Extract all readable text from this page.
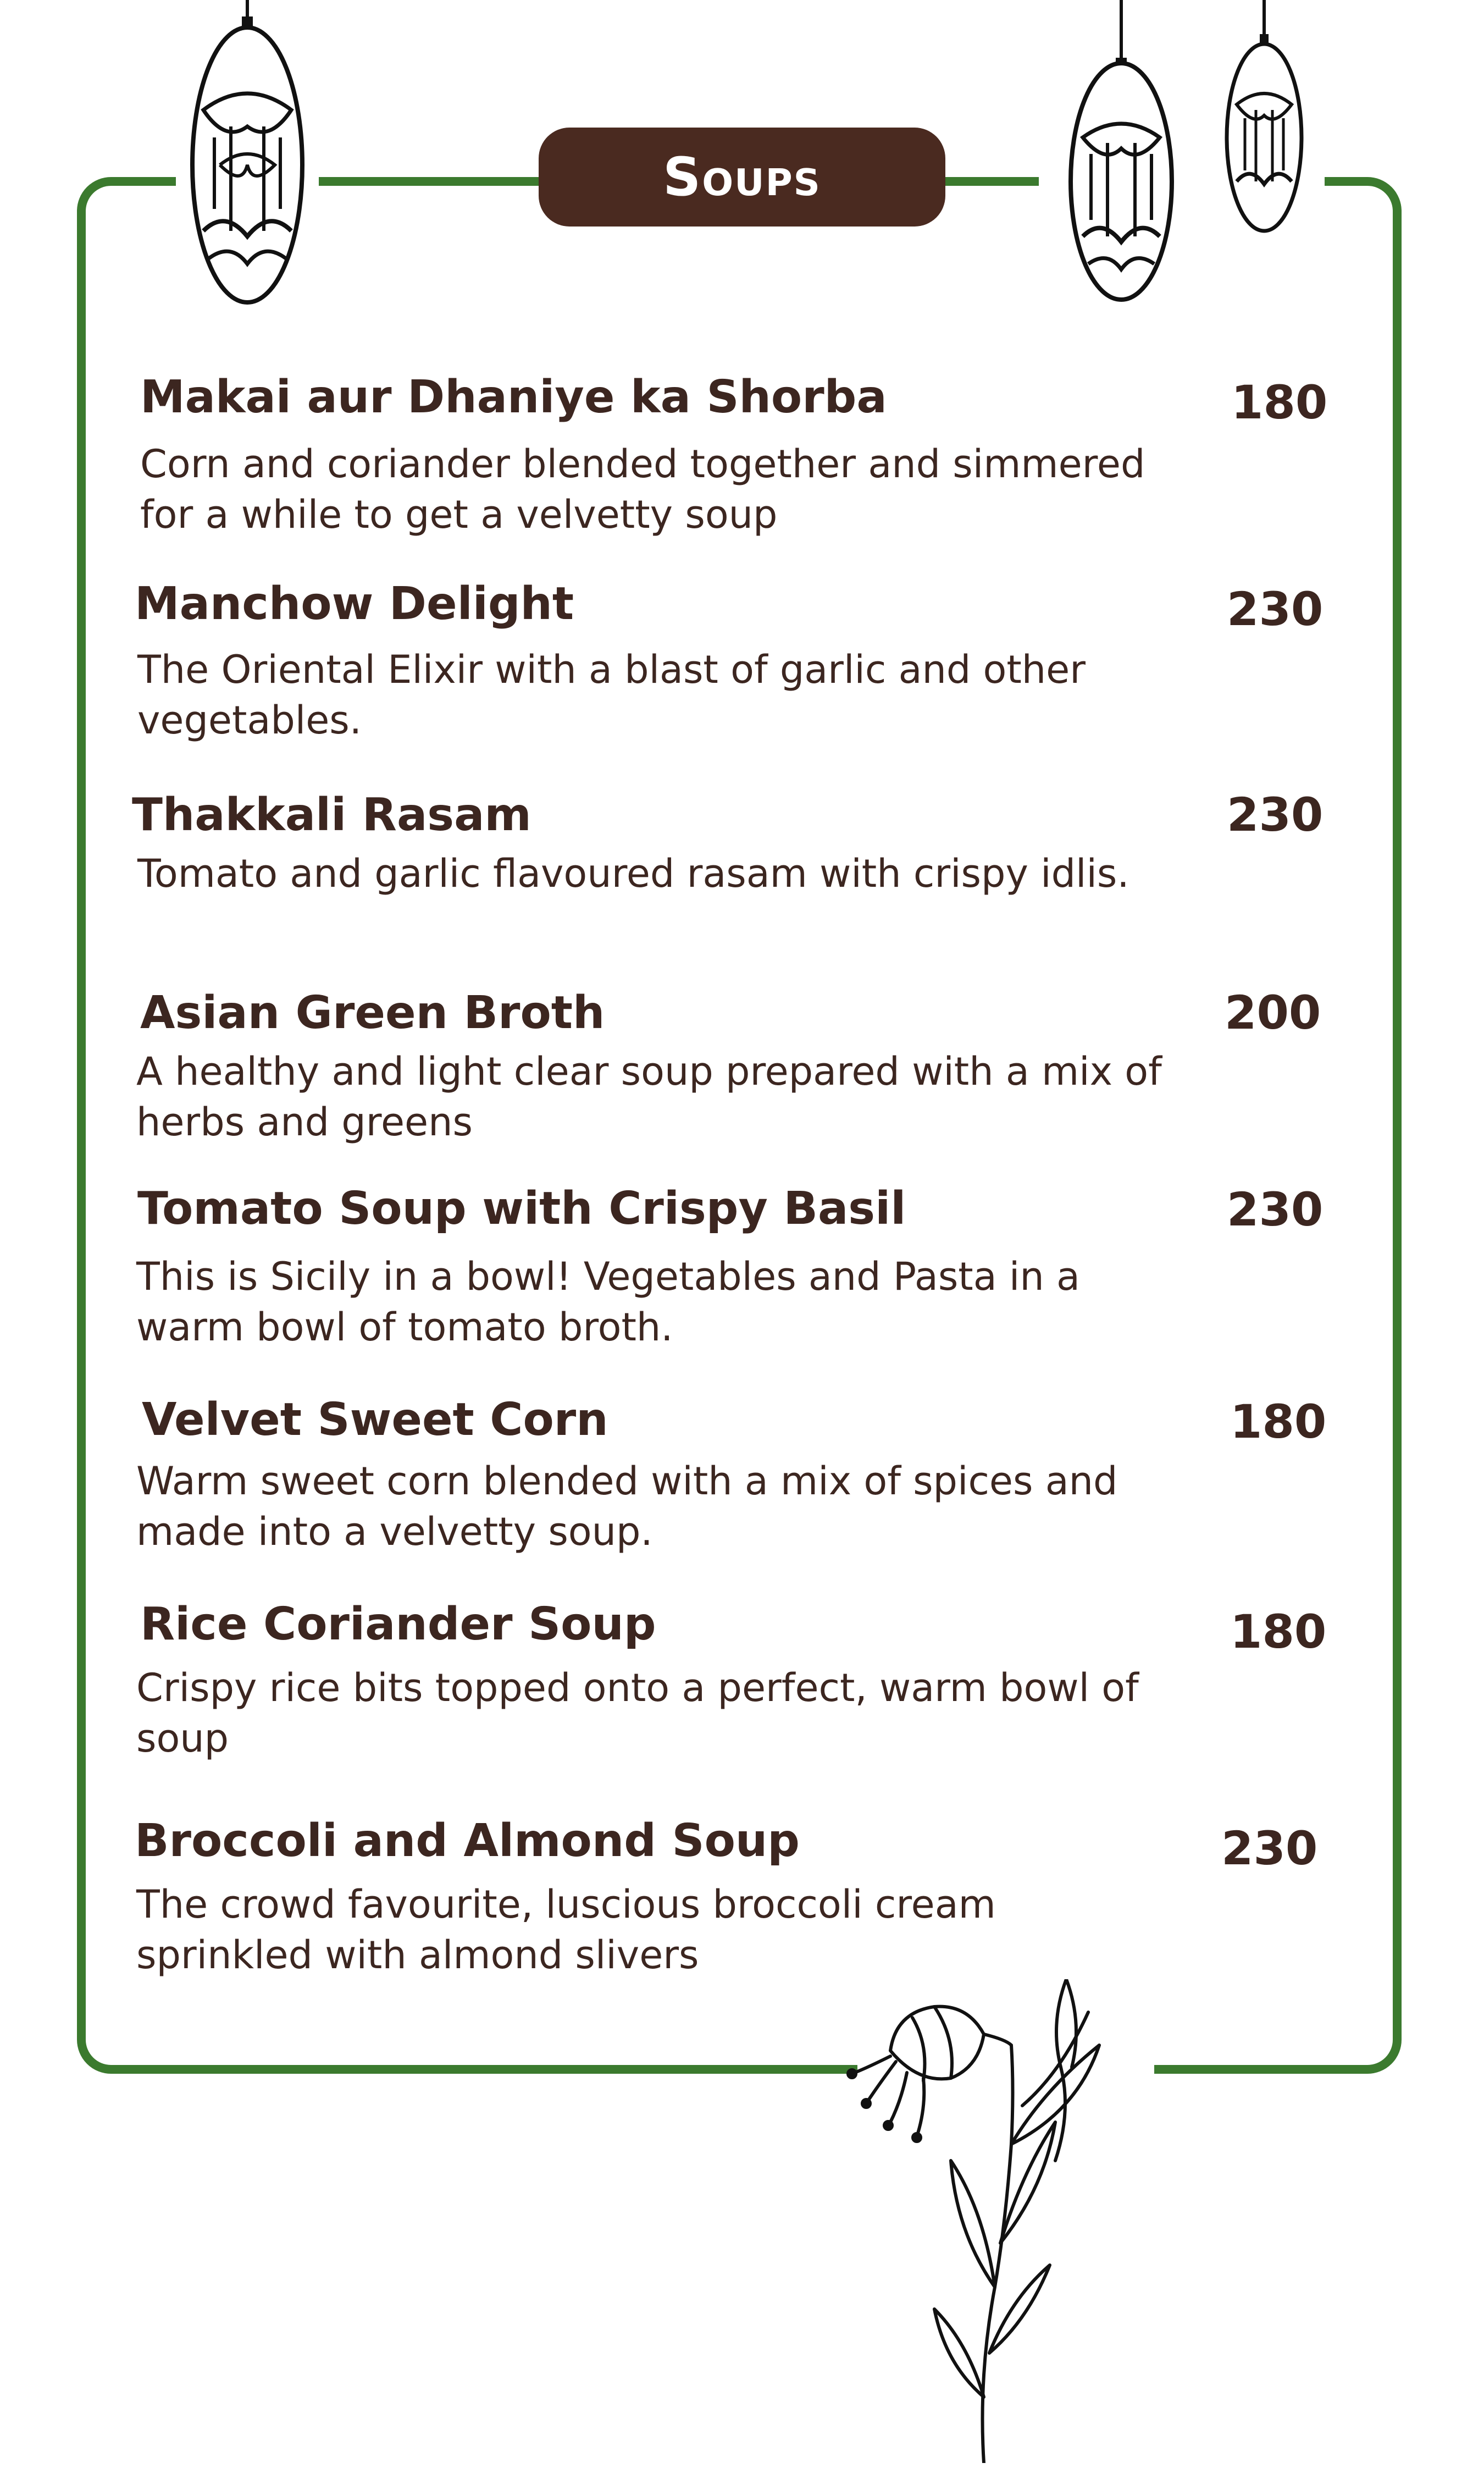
Soups
Makai aur Dhaniye ka Shorba	180
Corn and coriander blended together and simmered for a while to get a velvetty soup
Manchow Delight	230
The Oriental Elixir with a blast of garlic and other vegetables.
Thakkali Rasam	230
Tomato and garlic flavoured rasam with crispy idlis.
Asian Green Broth	200
A healthy and light clear soup prepared with a mix of herbs and greens
Tomato Soup with Crispy Basil	230
This is Sicily in a bowl! Vegetables and Pasta in a warm bowl of tomato broth.
Velvet Sweet Corn	180
Warm sweet corn blended with a mix of spices and made into a velvetty soup.
Rice Coriander Soup	180
Crispy rice bits topped onto a perfect, warm bowl of soup
Broccoli and Almond Soup	230
The crowd favourite, luscious broccoli cream sprinkled with almond slivers
